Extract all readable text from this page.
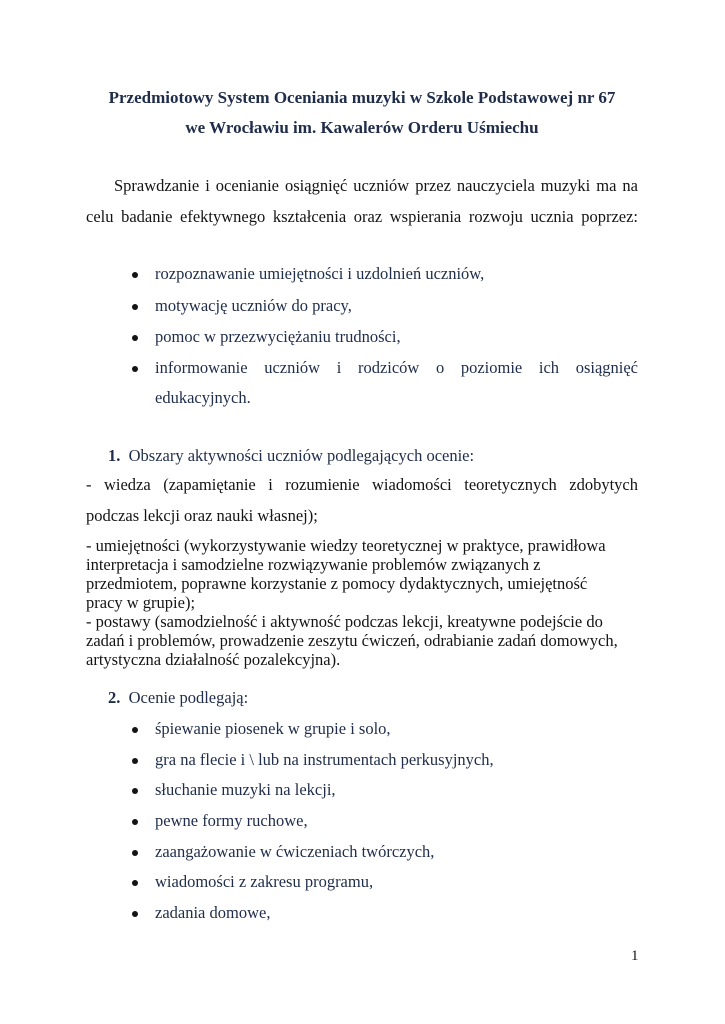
Przedmiotowy System Oceniania muzyki w Szkole Podstawowej nr 67

we Wrocławiu im. Kawalerów Orderu Uśmiechu

Sprawdzanie i ocenianie osiągnięć uczniów przez nauczyciela muzyki ma na

celu badanie efektywnego kształcenia oraz wspierania rozwoju ucznia poprzez:

rozpoznawanie umiejętności i uzdolnień uczniów,
motywację uczniów do pracy,
pomoc w przezwyciężaniu trudności,
informowanie uczniów i rodziców o poziomie ich osiągnięć
edukacyjnych.
1. Obszary aktywności uczniów podlegających ocenie:

- wiedza (zapamiętanie i rozumienie wiadomości teoretycznych zdobytych

podczas lekcji oraz nauki własnej);

- umiejętności (wykorzystywanie wiedzy teoretycznej w praktyce, prawidłowa

interpretacja i samodzielne rozwiązywanie problemów związanych z

przedmiotem, poprawne korzystanie z pomocy dydaktycznych, umiejętność

pracy w grupie);

- postawy (samodzielność i aktywność podczas lekcji, kreatywne podejście do

zadań i problemów, prowadzenie zeszytu ćwiczeń, odrabianie zadań domowych,

artystyczna działalność pozalekcyjna).

2. Ocenie podlegają:
śpiewanie piosenek w grupie i solo,
gra na flecie i \ lub na instrumentach perkusyjnych,
słuchanie muzyki na lekcji,
pewne formy ruchowe,
zaangażowanie w ćwiczeniach twórczych,
wiadomości z zakresu programu,
zadania domowe,
1
